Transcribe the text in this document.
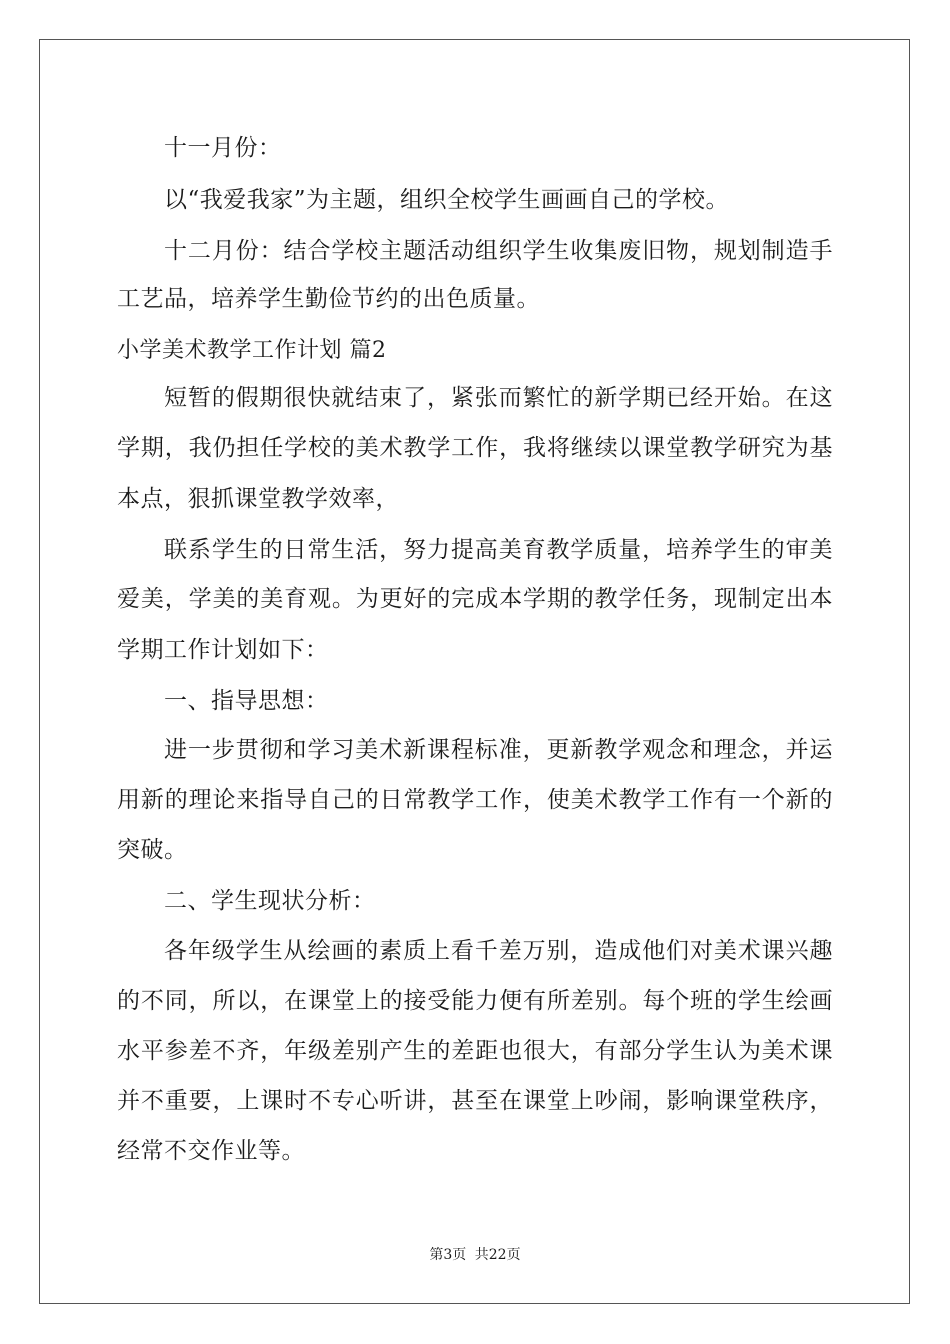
十一月份：

以“我爱我家”为主题，组织全校学生画画自己的学校。

十二月份：结合学校主题活动组织学生收集废旧物，规划制造手

工艺品，培养学生勤俭节约的出色质量。

小学美术教学工作计划 篇2

短暂的假期很快就结束了，紧张而繁忙的新学期已经开始。在这

学期，我仍担任学校的美术教学工作，我将继续以课堂教学研究为基

本点，狠抓课堂教学效率，

联系学生的日常生活，努力提高美育教学质量，培养学生的审美

爱美，学美的美育观。为更好的完成本学期的教学任务，现制定出本

学期工作计划如下：

一、指导思想：

进一步贯彻和学习美术新课程标准，更新教学观念和理念，并运

用新的理论来指导自己的日常教学工作，使美术教学工作有一个新的

突破。

二、学生现状分析：

各年级学生从绘画的素质上看千差万别，造成他们对美术课兴趣

的不同，所以，在课堂上的接受能力便有所差别。每个班的学生绘画

水平参差不齐，年级差别产生的差距也很大，有部分学生认为美术课

并不重要，上课时不专心听讲，甚至在课堂上吵闹，影响课堂秩序，

经常不交作业等。

第3页 共22页
